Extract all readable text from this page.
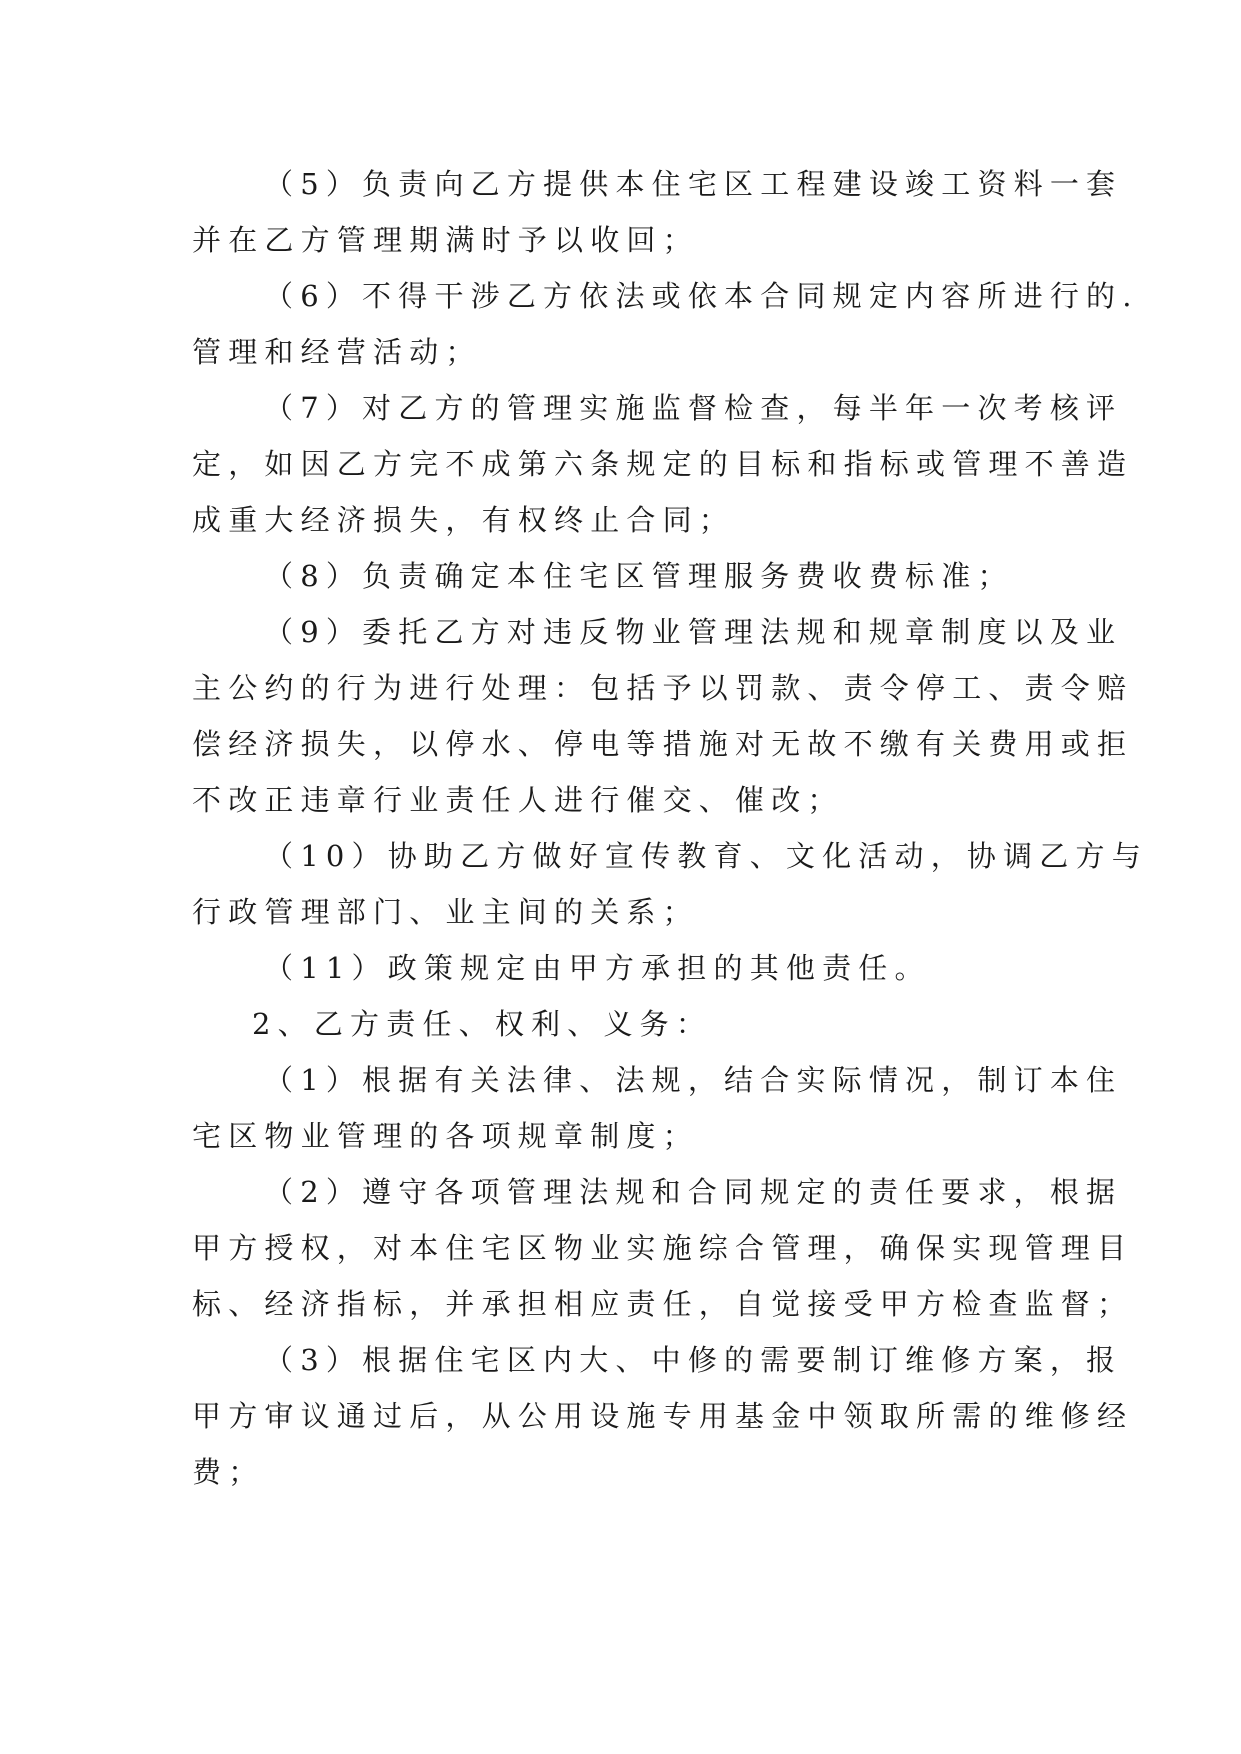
（5）负责向乙方提供本住宅区工程建设竣工资料一套
并在乙方管理期满时予以收回；
（6）不得干涉乙方依法或依本合同规定内容所进行的.
管理和经营活动；
（7）对乙方的管理实施监督检查，每半年一次考核评
定，如因乙方完不成第六条规定的目标和指标或管理不善造
成重大经济损失，有权终止合同；
（8）负责确定本住宅区管理服务费收费标准；
（9）委托乙方对违反物业管理法规和规章制度以及业
主公约的行为进行处理：包括予以罚款、责令停工、责令赔
偿经济损失，以停水、停电等措施对无故不缴有关费用或拒
不改正违章行业责任人进行催交、催改；
（10）协助乙方做好宣传教育、文化活动，协调乙方与
行政管理部门、业主间的关系；
（11）政策规定由甲方承担的其他责任。
2、乙方责任、权利、义务：
（1）根据有关法律、法规，结合实际情况，制订本住
宅区物业管理的各项规章制度；
（2）遵守各项管理法规和合同规定的责任要求，根据
甲方授权，对本住宅区物业实施综合管理，确保实现管理目
标、经济指标，并承担相应责任，自觉接受甲方检查监督；
（3）根据住宅区内大、中修的需要制订维修方案，报
甲方审议通过后，从公用设施专用基金中领取所需的维修经
费；
